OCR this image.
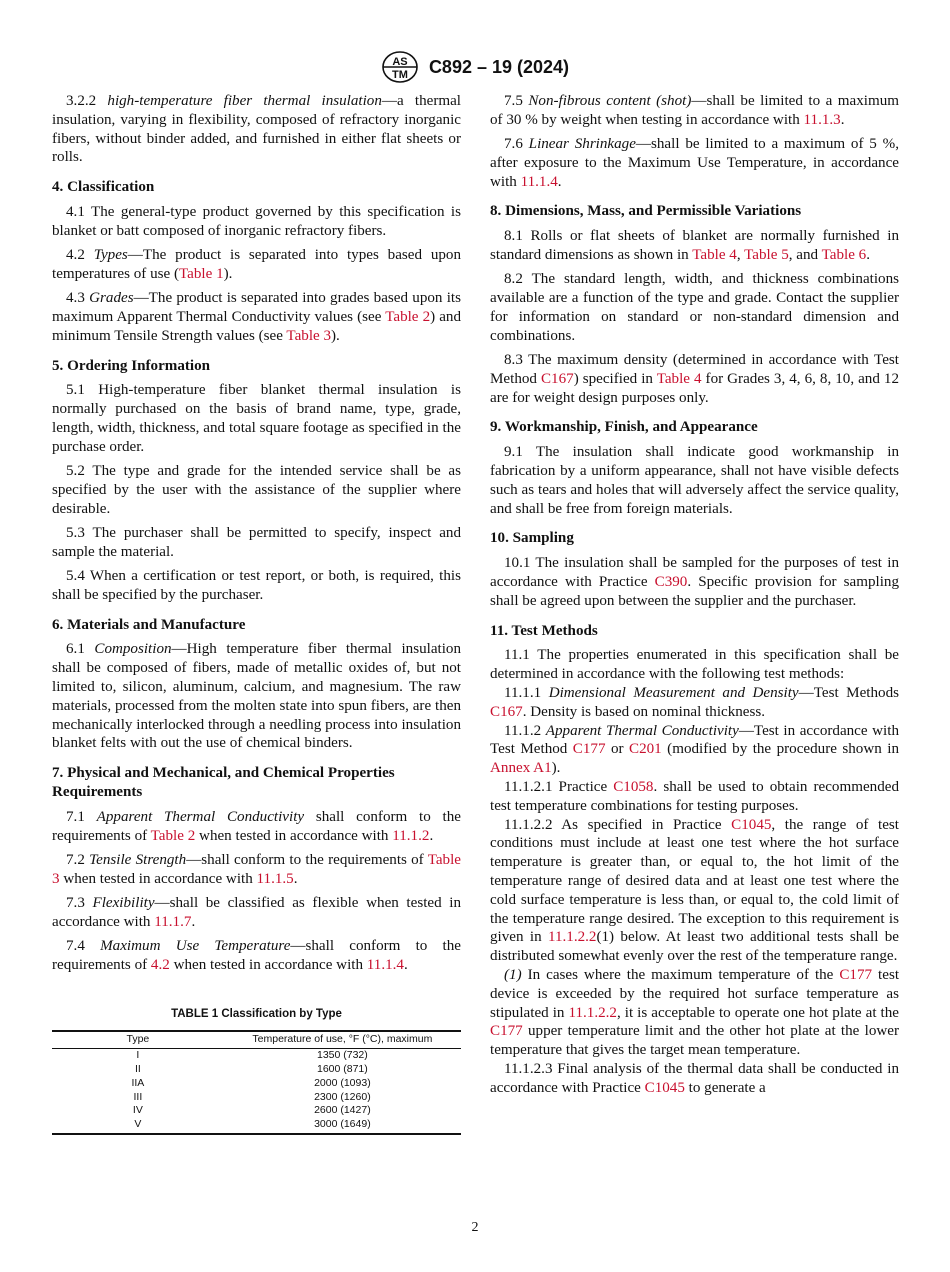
AS
TM C892 – 19 (2024)

3.2.2 high-temperature fiber thermal insulation—a thermal insulation, varying in flexibility, composed of refractory inorganic fibers, without binder added, and furnished in either flat sheets or rolls.

4. Classification

4.1 The general-type product governed by this specification is blanket or batt composed of inorganic refractory fibers.

4.2 Types—The product is separated into types based upon temperatures of use (Table 1).

4.3 Grades—The product is separated into grades based upon its maximum Apparent Thermal Conductivity values (see Table 2) and minimum Tensile Strength values (see Table 3).

5. Ordering Information

5.1 High-temperature fiber blanket thermal insulation is normally purchased on the basis of brand name, type, grade, length, width, thickness, and total square footage as specified in the purchase order.

5.2 The type and grade for the intended service shall be as specified by the user with the assistance of the supplier where desirable.

5.3 The purchaser shall be permitted to specify, inspect and sample the material.

5.4 When a certification or test report, or both, is required, this shall be specified by the purchaser.

6. Materials and Manufacture

6.1 Composition—High temperature fiber thermal insulation shall be composed of fibers, made of metallic oxides of, but not limited to, silicon, aluminum, calcium, and magnesium. The raw materials, processed from the molten state into spun fibers, are then mechanically interlocked through a needling process into insulation blanket felts with out the use of chemical binders.

7. Physical and Mechanical, and Chemical Properties Requirements

7.1 Apparent Thermal Conductivity shall conform to the requirements of Table 2 when tested in accordance with 11.1.2.

7.2 Tensile Strength—shall conform to the requirements of Table 3 when tested in accordance with 11.1.5.

7.3 Flexibility—shall be classified as flexible when tested in accordance with 11.1.7.

7.4 Maximum Use Temperature—shall conform to the requirements of 4.2 when tested in accordance with 11.1.4.

TABLE 1 Classification by Type
Type	Temperature of use, °F (°C), maximum
I	1350 (732)
II	1600 (871)
IIA	2000 (1093)
III	2300 (1260)
IV	2600 (1427)
V	3000 (1649)

7.5 Non-fibrous content (shot)—shall be limited to a maximum of 30 % by weight when testing in accordance with 11.1.3.

7.6 Linear Shrinkage—shall be limited to a maximum of 5 %, after exposure to the Maximum Use Temperature, in accordance with 11.1.4.

8. Dimensions, Mass, and Permissible Variations

8.1 Rolls or flat sheets of blanket are normally furnished in standard dimensions as shown in Table 4, Table 5, and Table 6.

8.2 The standard length, width, and thickness combinations available are a function of the type and grade. Contact the supplier for information on standard or non-standard dimension and combinations.

8.3 The maximum density (determined in accordance with Test Method C167) specified in Table 4 for Grades 3, 4, 6, 8, 10, and 12 are for weight design purposes only.

9. Workmanship, Finish, and Appearance

9.1 The insulation shall indicate good workmanship in fabrication by a uniform appearance, shall not have visible defects such as tears and holes that will adversely affect the service quality, and shall be free from foreign materials.

10. Sampling

10.1 The insulation shall be sampled for the purposes of test in accordance with Practice C390. Specific provision for sampling shall be agreed upon between the supplier and the purchaser.

11. Test Methods

11.1 The properties enumerated in this specification shall be determined in accordance with the following test methods:

11.1.1 Dimensional Measurement and Density—Test Methods C167. Density is based on nominal thickness.

11.1.2 Apparent Thermal Conductivity—Test in accordance with Test Method C177 or C201 (modified by the procedure shown in Annex A1).

11.1.2.1 Practice C1058. shall be used to obtain recommended test temperature combinations for testing purposes.

11.1.2.2 As specified in Practice C1045, the range of test conditions must include at least one test where the hot surface temperature is greater than, or equal to, the hot limit of the temperature range of desired data and at least one test where the cold surface temperature is less than, or equal to, the cold limit of the temperature range desired. The exception to this requirement is given in 11.1.2.2(1) below. At least two additional tests shall be distributed somewhat evenly over the rest of the temperature range.

(1) In cases where the maximum temperature of the C177 test device is exceeded by the required hot surface temperature as stipulated in 11.1.2.2, it is acceptable to operate one hot plate at the C177 upper temperature limit and the other hot plate at the lower temperature that gives the target mean temperature.

11.1.2.3 Final analysis of the thermal data shall be conducted in accordance with Practice C1045 to generate a

2
